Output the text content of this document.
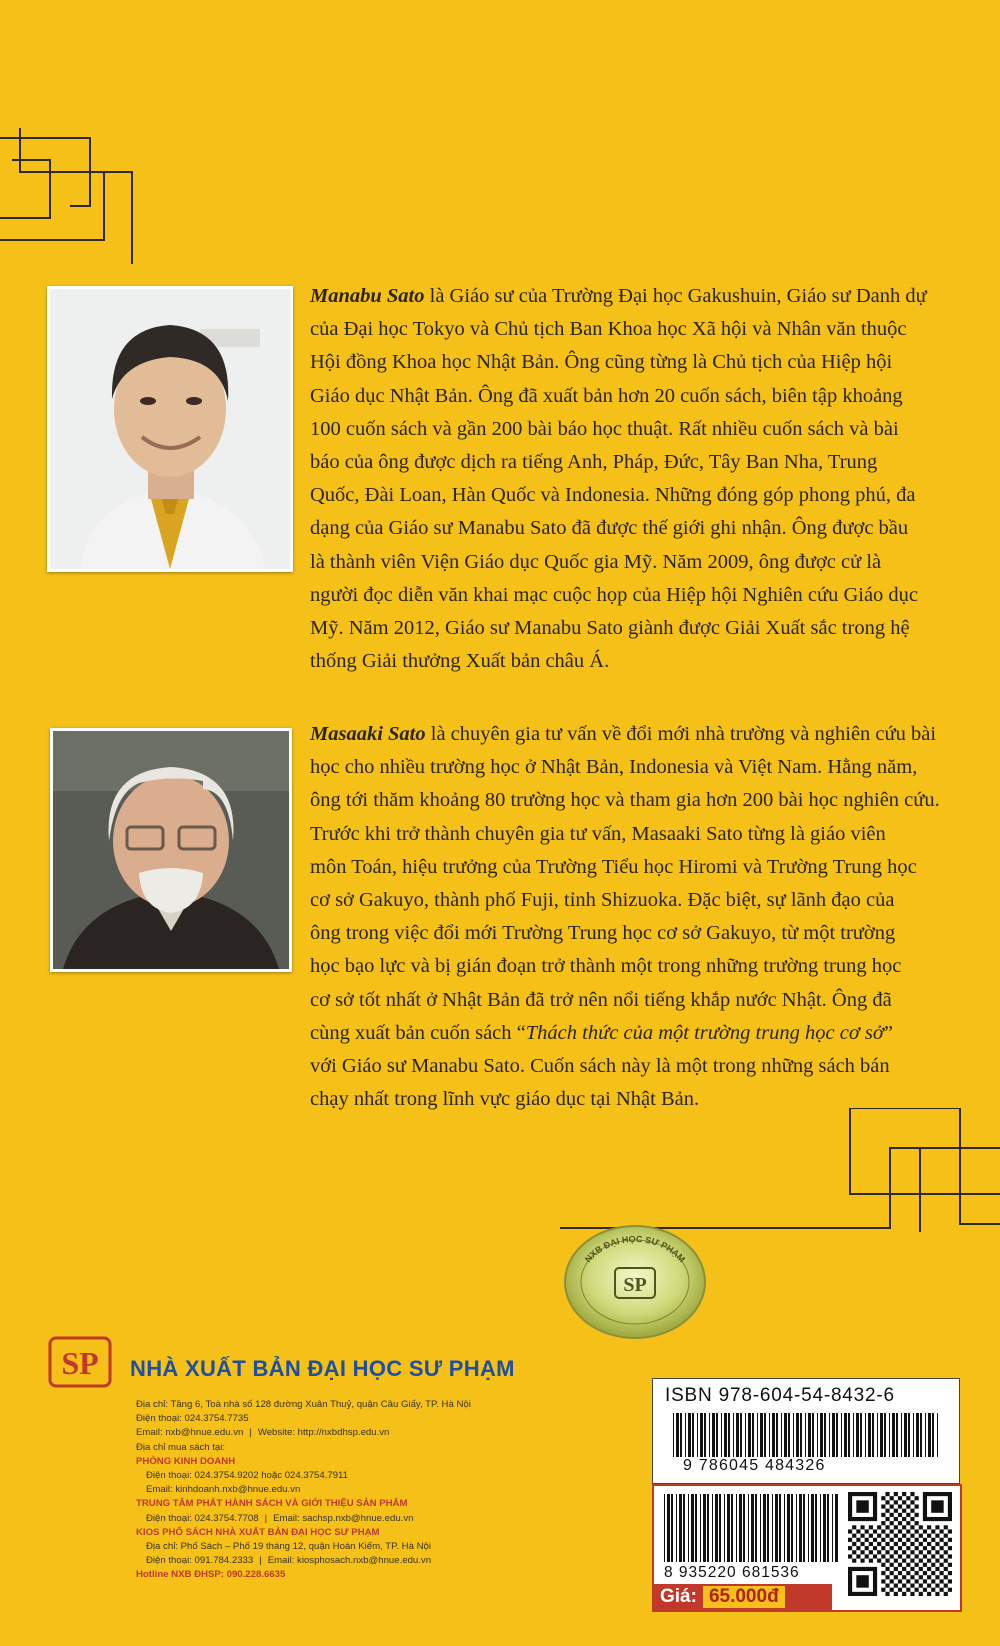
Manabu Sato là Giáo sư của Trường Đại học Gakushuin, Giáo sư Danh dự
của Đại học Tokyo và Chủ tịch Ban Khoa học Xã hội và Nhân văn thuộc
Hội đồng Khoa học Nhật Bản. Ông cũng từng là Chủ tịch của Hiệp hội
Giáo dục Nhật Bản. Ông đã xuất bản hơn 20 cuốn sách, biên tập khoảng
100 cuốn sách và gần 200 bài báo học thuật. Rất nhiều cuốn sách và bài
báo của ông được dịch ra tiếng Anh, Pháp, Đức, Tây Ban Nha, Trung
Quốc, Đài Loan, Hàn Quốc và Indonesia. Những đóng góp phong phú, đa
dạng của Giáo sư Manabu Sato đã được thế giới ghi nhận. Ông được bầu
là thành viên Viện Giáo dục Quốc gia Mỹ. Năm 2009, ông được cử là
người đọc diễn văn khai mạc cuộc họp của Hiệp hội Nghiên cứu Giáo dục
Mỹ. Năm 2012, Giáo sư Manabu Sato giành được Giải Xuất sắc trong hệ
thống Giải thưởng Xuất bản châu Á.
Masaaki Sato là chuyên gia tư vấn về đổi mới nhà trường và nghiên cứu bài
học cho nhiều trường học ở Nhật Bản, Indonesia và Việt Nam. Hằng năm,
ông tới thăm khoảng 80 trường học và tham gia hơn 200 bài học nghiên cứu.
Trước khi trở thành chuyên gia tư vấn, Masaaki Sato từng là giáo viên
môn Toán, hiệu trưởng của Trường Tiểu học Hiromi và Trường Trung học
cơ sở Gakuyo, thành phố Fuji, tỉnh Shizuoka. Đặc biệt, sự lãnh đạo của
ông trong việc đổi mới Trường Trung học cơ sở Gakuyo, từ một trường
học bạo lực và bị gián đoạn trở thành một trong những trường trung học
cơ sở tốt nhất ở Nhật Bản đã trở nên nổi tiếng khắp nước Nhật. Ông đã
cùng xuất bản cuốn sách “Thách thức của một trường trung học cơ sở”
với Giáo sư Manabu Sato. Cuốn sách này là một trong những sách bán
chạy nhất trong lĩnh vực giáo dục tại Nhật Bản.
NXB ĐẠI HỌC SƯ PHẠM
SP
SP NHÀ XUẤT BẢN ĐẠI HỌC SƯ PHẠM
Địa chỉ: Tầng 6, Toà nhà số 128 đường Xuân Thuỷ, quận Cầu Giấy, TP. Hà Nội
Điện thoại: 024.3754.7735
Email: nxb@hnue.edu.vn | Website: http://nxbdhsp.edu.vn
Địa chỉ mua sách tại:
PHÒNG KINH DOANH
Điện thoại: 024.3754.9202 hoặc 024.3754.7911
Email: kinhdoanh.nxb@hnue.edu.vn
TRUNG TÂM PHÁT HÀNH SÁCH VÀ GIỚI THIỆU SẢN PHẨM
Điện thoại: 024.3754.7708 | Email: sachsp.nxb@hnue.edu.vn
KIOS PHỐ SÁCH NHÀ XUẤT BẢN ĐẠI HỌC SƯ PHẠM
Địa chỉ: Phố Sách – Phố 19 tháng 12, quận Hoàn Kiếm, TP. Hà Nội
Điện thoại: 091.784.2333 | Email: kiosphosach.nxb@hnue.edu.vn
Hotline NXB ĐHSP: 090.228.6635
ISBN 978-604-54-8432-6
9 786045 484326
8 935220 681536
Giá: 65.000đ
